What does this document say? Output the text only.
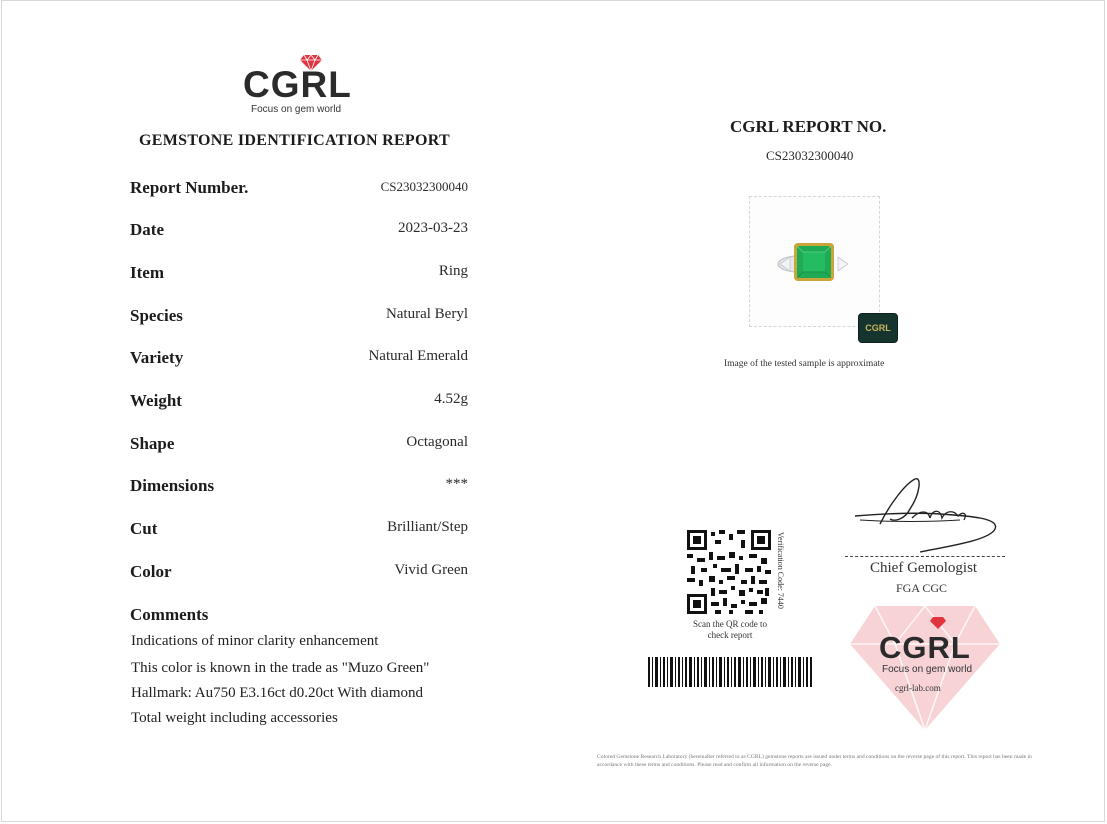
CGRL
Focus on gem world
GEMSTONE IDENTIFICATION REPORT
Report Number.	CS23032300040
Date	2023-03-23
Item	Ring
Species	Natural Beryl
Variety	Natural Emerald
Weight	4.52g
Shape	Octagonal
Dimensions	***
Cut	Brilliant/Step
Color	Vivid Green
Comments
Indications of minor clarity enhancement
This color is known in the trade as "Muzo Green"
Hallmark: Au750 E3.16ct d0.20ct With diamond
Total weight including accessories
CGRL REPORT NO.
CS23032300040
CGRL
Image of the tested sample is approximate
Verification Code: 7440
Scan the QR code to check report
Chief Gemologist
FGA CGC
CGRL
Focus on gem world
cgrl-lab.com
Colored Gemstone Research Laboratory (hereinafter referred to as CGRL) gemstone reports are issued under terms and conditions on the reverse page of this report. This report has been made in accordance with these terms and conditions. Please read and confirm all information on the reverse page.
